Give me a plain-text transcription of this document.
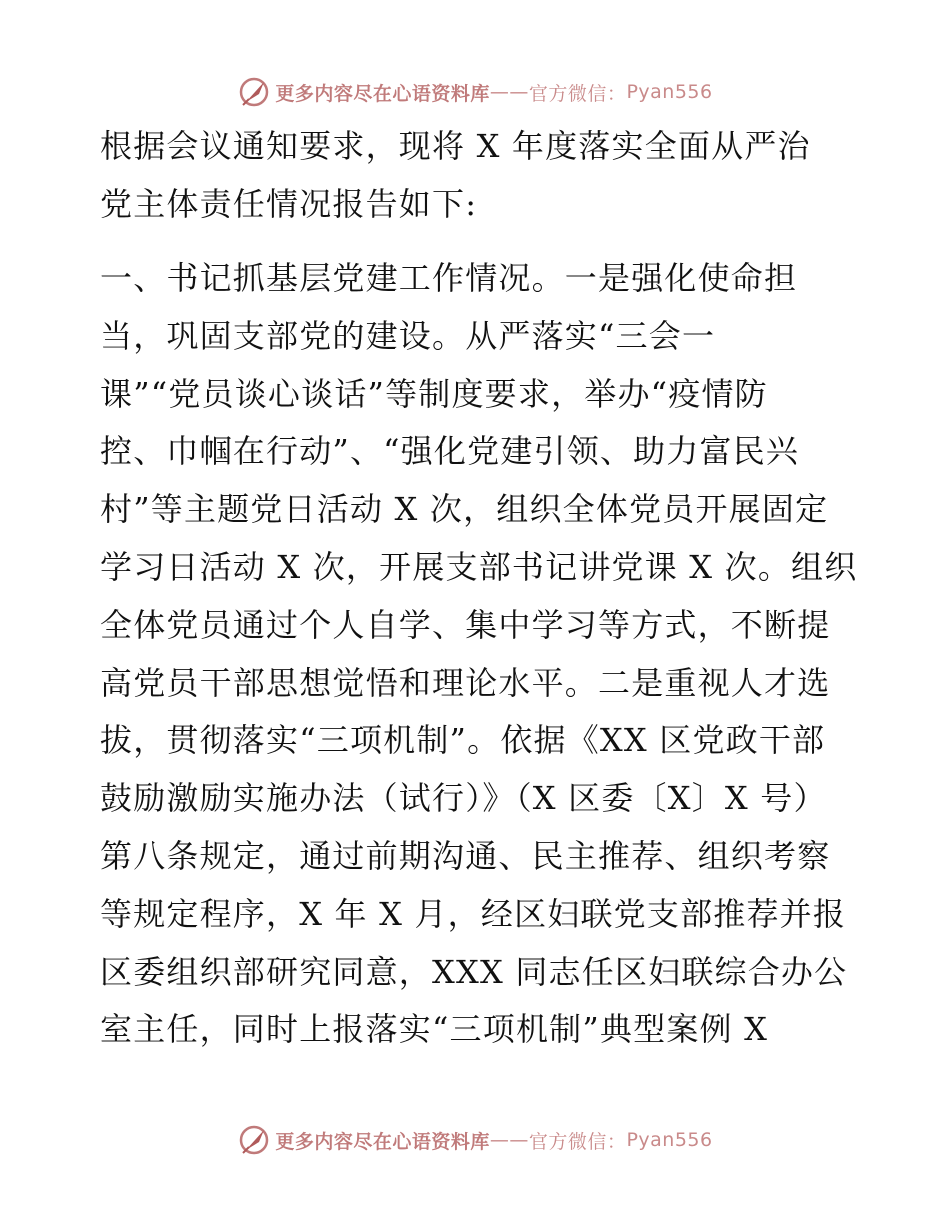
更多内容尽在心语资料库 —— 官方微信： Pyan556
根据会议通知要求，现将 X 年度落实全面从严治
党主体责任情况报告如下:
一、书记抓基层党建工作情况。一是强化使命担
当，巩固支部党的建设。从严落实“三会一
课”“党员谈心谈话”等制度要求，举办“疫情防
控、巾帼在行动”、“强化党建引领、助力富民兴
村”等主题党日活动 X 次，组织全体党员开展固定
学习日活动 X 次，开展支部书记讲党课 X 次。组织
全体党员通过个人自学、集中学习等方式，不断提
高党员干部思想觉悟和理论水平。二是重视人才选
拔，贯彻落实“三项机制”。依据《XX 区党政干部
鼓励激励实施办法（试行）》（X 区委〔X〕X 号）
第八条规定，通过前期沟通、民主推荐、组织考察
等规定程序，X 年 X 月，经区妇联党支部推荐并报
区委组织部研究同意，XXX 同志任区妇联综合办公
室主任，同时上报落实“三项机制”典型案例 X
更多内容尽在心语资料库 —— 官方微信： Pyan556
